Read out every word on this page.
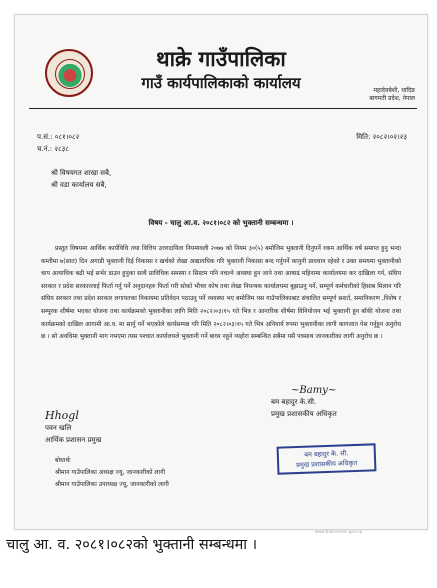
थाक्रे गाउँपालिका
गाउँ कार्यपालिकाको कार्यालय	महादेवबेशी, धादिङ
बागमती प्रदेश, नेपाल
प.सं.: ०८१।०८२
च.नं.: २८३८
मिति: २०८२।०२।२३
श्री विषयगत शाखा सबै,
श्री वडा कार्यालय सबै,
विषय - चालु आ.व. २०८१।०८२ को भुक्तानी सम्बन्धमा ।

प्रस्तुत विषयमा आर्थिक कार्यविधि तथा वित्तिय उत्तरदायित्व नियमावली २०७७ को नियम ३०(५) बमोजिम भुक्तानी दिनुपर्ने रकम आर्थिक वर्ष समाप्त हुनु भन्दा कम्तीमा ७(सात) दिन अगाडी भुक्तानी दिई निकासा र खर्चको लेखा आद्यावधिक गरि भुक्तानी निकासा बन्द गर्नुपर्ने कानुनी प्रावधान रहेको र उक्त समयमा भुक्तानीको चाप अत्याधिक बढी भई सर्भर डाउन हुनुका साथै प्राविधिक समस्या र सिस्टम पनि नचल्ने अवस्था हुन जाने तथा आषाढ महिनामा कार्यालयमा कर दाखिला गर्न, संघिय सरकार र प्रदेश सरकारलाई फिर्ता गर्नु पर्ने अनुदानहरु फिर्ता गरी सोको भौचर कोष तथा लेखा नियन्त्रक कार्यालयमा बुझाउनु पर्ने, सम्पूर्ण कर्मचारीको हिसाब मिलान गरि संघिय सरकार तथा प्रदेश सरकार लगायतका निकायमा प्रतिवेदन पठाउनु पर्ने व्यवस्था भए बमोजिम यस गाउँपालिकाबाट संचालित सम्पूर्ण सशर्त, समानिकरण ,विशेष र सम्पूरक शीर्षमा भएका योजना तथा कार्यक्रमको भुक्तानीका लागि मिति २०८२।०३।१५ गते भित्र र आन्तरिक शीर्षमा विनियोजन भई भुक्तानी हुन बाँकी योजना तथा कार्यक्रमको दाखिल आगामी आ.व. मा सार्नु पर्ने भएकोले कार्यसम्पन्न गरि मिति २०८२।०३।१५ गते भित्र अनिवार्य रुपमा भुक्तानीका लागी कागजात पेस गर्नुहुन अनुरोध छ । सो अवधिमा भुक्तानी माग नभएमा त्यस पश्चात कार्यालयले भुक्तानी गर्ने बाध्य नहुने व्यहोरा सम्बन्धित सबैमा यसै पत्रसाथ जानकारीका लागी अनुरोध छ ।

~Bamy~
बम बहादुर के.सी.
प्रमुख प्रशासकीय अधिकृत
Hhogl
पवन खलि
आर्थिक प्रशासन प्रमुख
बोधार्थः
श्रीमान गाउँपालिका अध्यक्ष ज्यू, जानकारीको लागी
श्रीमान गाउँपालिका उपाध्यक्ष ज्यू, जानकारीको लागी
बम बहादुर के. सी.
प्रमुख प्रशासकीय अधिकृत
www.thakremun.gov.np
चालु आ. व. २०८१।०८२को भुक्तानी सम्बन्धमा ।
